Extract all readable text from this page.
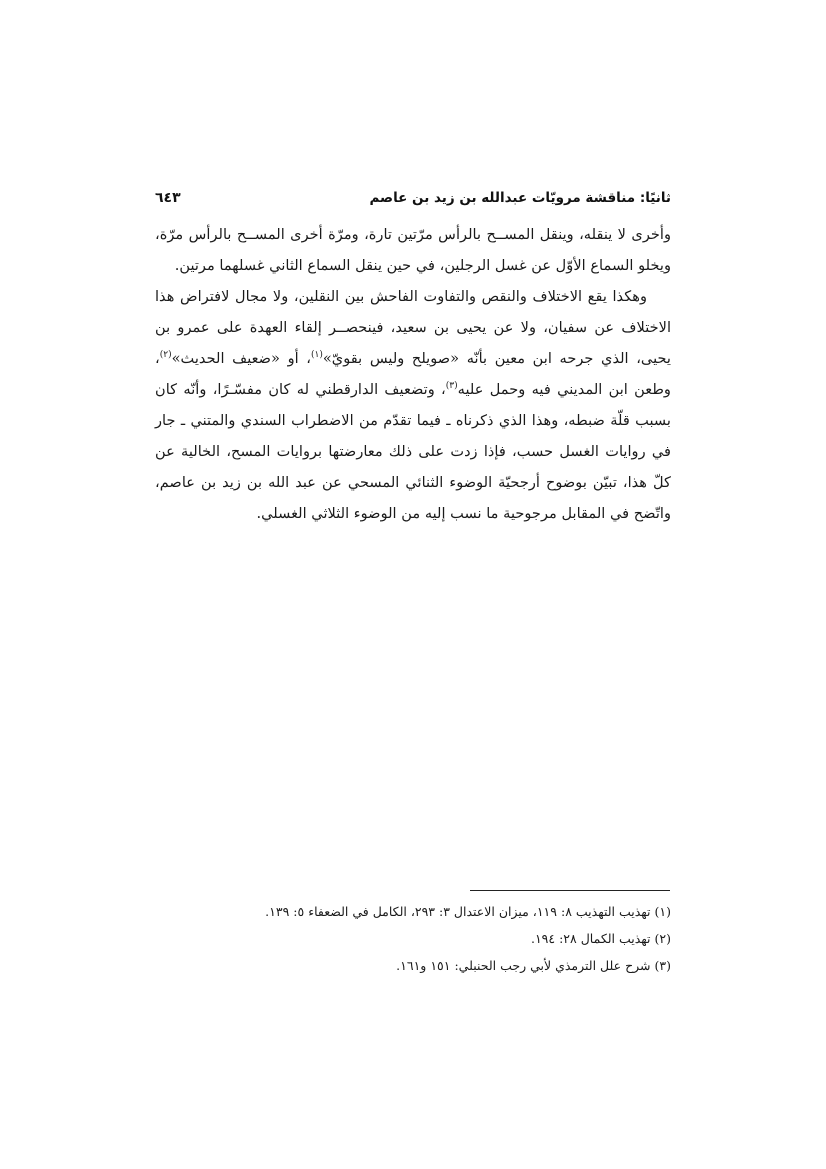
ثانيًا: مناقشة مرويّات عبدالله بن زيد بن عاصم
٦٤٣

وأخرى لا ينقله، وينقل المســح بالرأس مرّتين تارة، ومرّة أخرى المســح بالرأس مرّة، ويخلو السماع الأوّل عن غسل الرجلين، في حين ينقل السماع الثاني غسلهما مرتين.

وهكذا يقع الاختلاف والنقص والتفاوت الفاحش بين النقلين، ولا مجال لافتراض هذا الاختلاف عن سفيان، ولا عن يحيى بن سعيد، فينحصــر إلقاء العهدة على عمرو بن يحيى، الذي جرحه ابن معين بأنّه «صويلح وليس بقويّ»$^{(١)}$، أو «ضعيف الحديث»$^{(٢)}$، وطعن ابن المديني فيه وحمل عليه$^{(٣)}$، وتضعيف الدارقطني له كان مفسّـرًا، وأنّه كان بسبب قلّة ضبطه، وهذا الذي ذكرناه ـ فيما تقدّم من الاضطراب السندي والمتني ـ جار في روايات الغسل حسب، فإذا زدت على ذلك معارضتها بروايات المسح، الخالية عن كلّ هذا، تبيّن بوضوح أرجحيّة الوضوء الثنائي المسحي عن عبد الله بن زيد بن عاصم، واتّضح في المقابل مرجوحية ما نسب إليه من الوضوء الثلاثي الغسلي.

(١) تهذيب التهذيب ٨: ١١٩، ميزان الاعتدال ٣: ٢٩٣، الكامل في الضعفاء ٥: ١٣٩.
(٢) تهذيب الكمال ٢٨: ١٩٤.
(٣) شرح علل الترمذي لأبي رجب الحنبلي: ١٥١ و١٦١.
